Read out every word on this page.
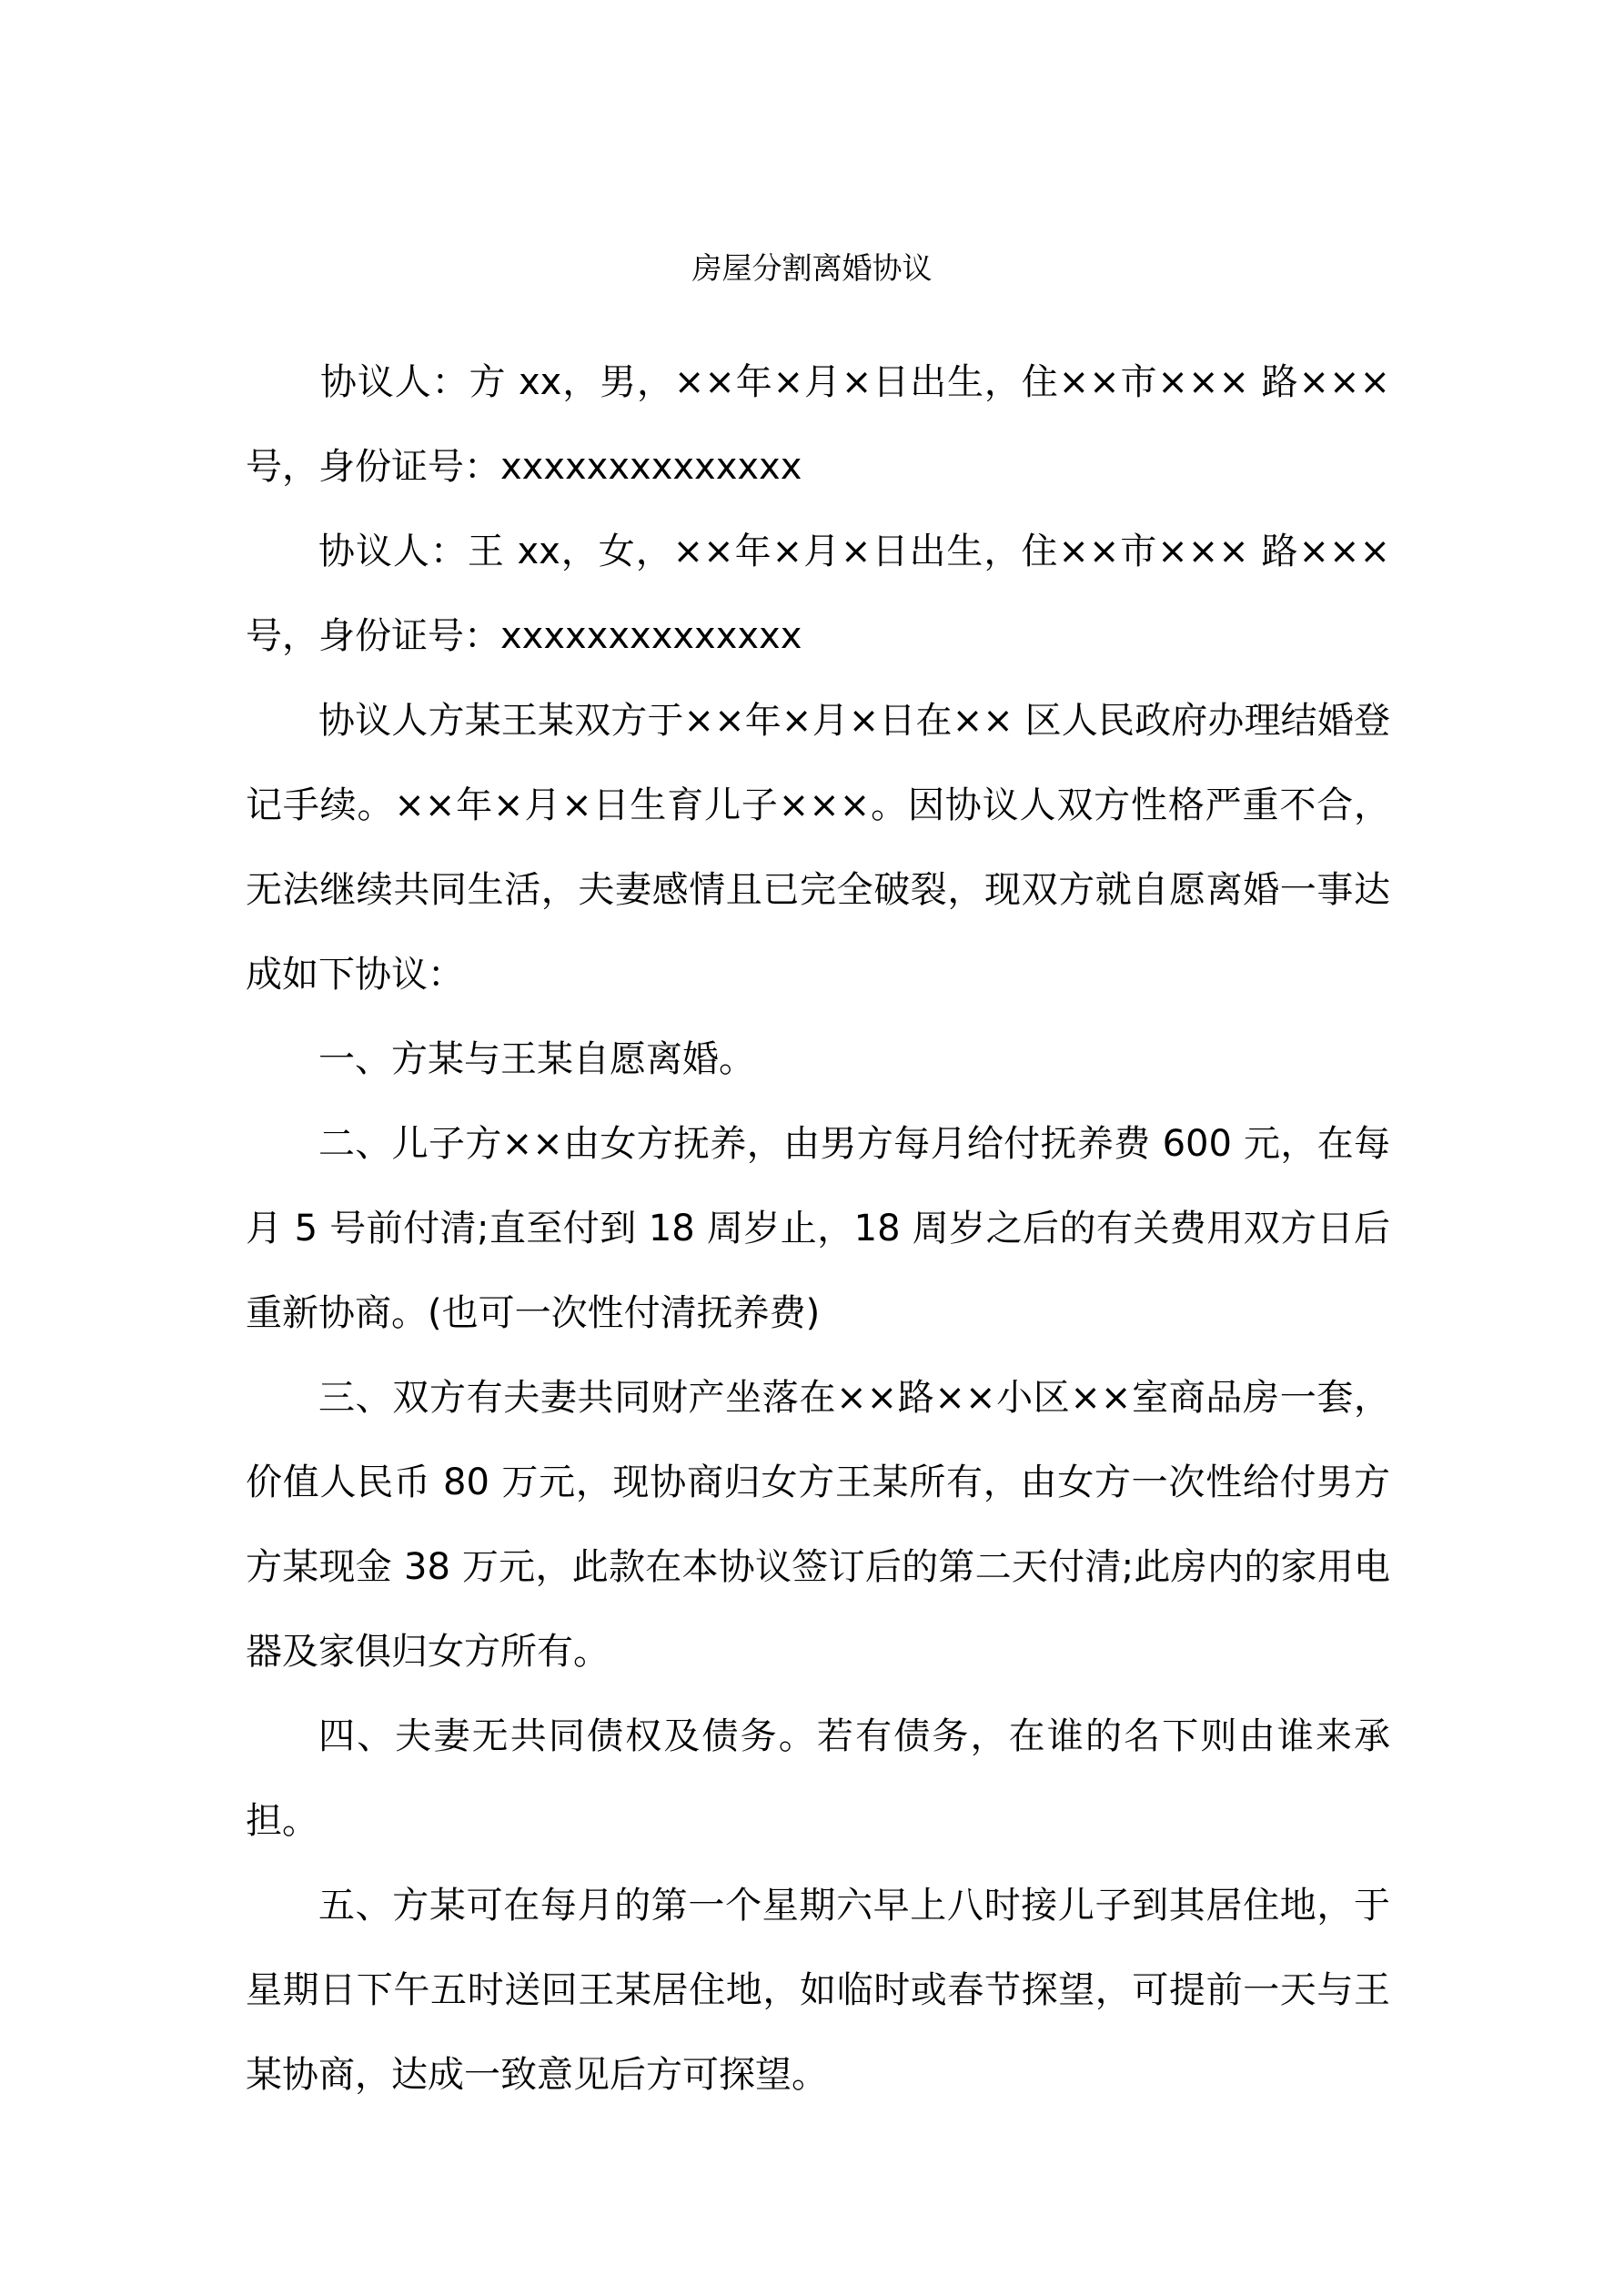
房屋分割离婚协议

协议人：方 xx，男，××年×月×日出生，住××市××× 路×××号，身份证号：xxxxxxxxxxxxxx

协议人：王 xx，女，××年×月×日出生，住××市××× 路×××号，身份证号：xxxxxxxxxxxxxx

协议人方某王某双方于××年×月×日在×× 区人民政府办理结婚登记手续。××年×月×日生育儿子×××。因协议人双方性格严重不合，无法继续共同生活，夫妻感情且已完全破裂，现双方就自愿离婚一事达成如下协议：

一、方某与王某自愿离婚。

二、儿子方××由女方抚养，由男方每月给付抚养费 600 元，在每月 5 号前付清;直至付到 18 周岁止，18 周岁之后的有关费用双方日后重新协商。(也可一次性付清抚养费)

三、双方有夫妻共同财产坐落在××路××小区××室商品房一套，价值人民币 80 万元，现协商归女方王某所有，由女方一次性给付男方方某现金 38 万元，此款在本协议签订后的第二天付清;此房内的家用电器及家俱归女方所有。

四、夫妻无共同债权及债务。若有债务，在谁的名下则由谁来承担。

五、方某可在每月的第一个星期六早上八时接儿子到其居住地，于星期日下午五时送回王某居住地，如临时或春节探望，可提前一天与王某协商，达成一致意见后方可探望。
